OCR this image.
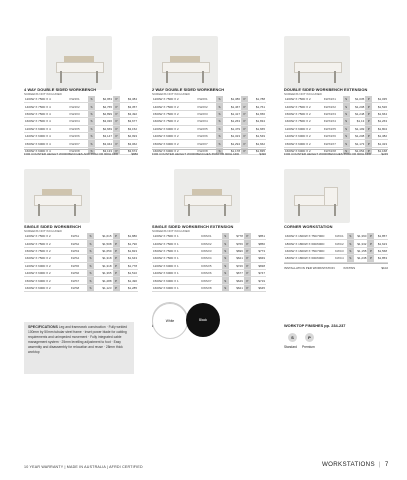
4 WAY DOUBLE SIDED WORKBENCH
SCREENS NOT INCLUDED
1200W X 750D X 4	KW4X1	S	$2,953	P	$3,384
1400W X 750D X 4	KW4X2	S	$2,765	P	$3,357
1500W X 750D X 4	KW4X3	S	$2,899	P	$3,492
1600W X 750D X 4	KW4X4	S	$3,036	P	$3,677
1200W X 600D X 4	KW4X5	S	$2,669	P	$3,152
1400W X 600D X 4	KW4X6	S	$3,147	P	$2,993
1500W X 600D X 4	KW4X7	S	$3,044	P	$3,062
1600W X 600D X 4	KW4X8	S	$3,133	P	$3,674
FOR COUNTER HEIGHT WORKBENCHES ADD 650H OR 900H ADD	$880
2 WAY DOUBLE SIDED WORKBENCH
SCREENS NOT INCLUDED
1200W X 750D X 2	KW2X1	S	$1,386	P	$1,788
1400W X 750D X 2	KW2X2	S	$1,467	P	$1,761
1500W X 750D X 2	KW2X3	S	$1,417	P	$1,656
1600W X 750D X 2	KW2X4	S	$1,263	P	$1,834
1200W X 600D X 2	KW2X5	S	$1,479	P	$1,665
1400W X 600D X 2	KW2X6	S	$1,323	P	$1,549
1500W X 600D X 2	KW2X7	S	$1,294	P	$1,662
1600W X 600D X 2	KW2X8	S	$1,178	P	$1,835
FOR COUNTER HEIGHT WORKBENCHES 650H OR 900H ADD	$490
DOUBLE SIDED WORKBENCH EXTENSION
SCREENS NOT INCLUDED
1200W X 750D X 2	KWX2X1	S	$1,035	P	$1,035
1400W X 750D X 2	KWX2X2	S	$1,208	P	$1,526
1500W X 750D X 2	KWX2X3	S	$1,248	P	$1,664
1600W X 750D X 2	KWX2X4	S	$1,13	P	$1,263
1200W X 600D X 2	KWX2X5	S	$1,199	P	$1,804
1400W X 600D X 2	KWX2X6	S	$1,208	P	$1,382
1500W X 600D X 2	KWX2X7	S	$1,173	P	$1,323
1600W X 600D X 2	KWX2X8	S	$1,054	P	$1,168
FOR COUNTER HEIGHT WORKBENCHES 650H OR 900H ADD	$245
SINGLE SIDED WORKBENCH
SCREENS NOT INCLUDED
1200W X 750D X 2	KWS1	S	$1,615	P	$1,880
1400W X 750D X 2	KWS2	S	$1,508	P	$1,790
1500W X 750D X 2	KWS3	S	$1,659	P	$1,823
1600W X 750D X 2	KWS4	S	$1,318	P	$1,643
1200W X 600D X 2	KWS5	S	$1,318	P	$1,778
1400W X 600D X 2	KWS6	S	$1,365	P	$1,510
1500W X 600D X 2	KWS7	S	$1,288	P	$1,490
1600W X 600D X 2	KWS8	S	$1,123	P	$1,285
SINGLE SIDED WORKBENCH EXTENSION
SCREENS NOT INCLUDED
1200W X 750D X 1	KWSX1	S	$778	P	$851
1400W X 750D X 1	KWSX2	S	$766	P	$850
1500W X 750D X 1	KWSX3	S	$696	P	$773
1600W X 750D X 1	KWSX4	S	$621	P	$849
1200W X 600D X 1	KWSX5	S	$726	P	$838
1400W X 600D X 1	KWSX6	S	$677	P	$747
1500W X 600D X 1	KWSX7	S	$649	P	$719
1600W X 600D X 1	KWSX8	S	$621	P	$645
CORNER WORKSTATION
1600W X 1600W X 750/700D	KWC1	S	$1,360	P	$1,857
1800W X 1800W X 600/600D	KWC2	S	$1,332	P	$1,623
1600W X 1600W X 750/700D	KWC3	S	$1,158	P	$1,568
1800W X 1800W X 600/600D	KWC4	S	$1,238	P	$1,853
INSTALLATION PER WORKSTATION	INSTWS	$102
SPECIFICATIONS Leg and framework construction · Fully welded 100mm by 50mm tubular steel frame · Inset power blade for cabling requirements and unimpeded movement · Fully integrated cable management system · 25mm levelling adjustment to foot · Easy assembly and disassembly for relocation and reuse · 28mm thick worktop
White	Black
WORKTOP FINISHES pp. 234-237
S	P
Standard Premium
10 YEAR WARRANTY | MADE IN AUSTRALIA | AFRDI CERTIFIED	WORKSTATIONS | 7
